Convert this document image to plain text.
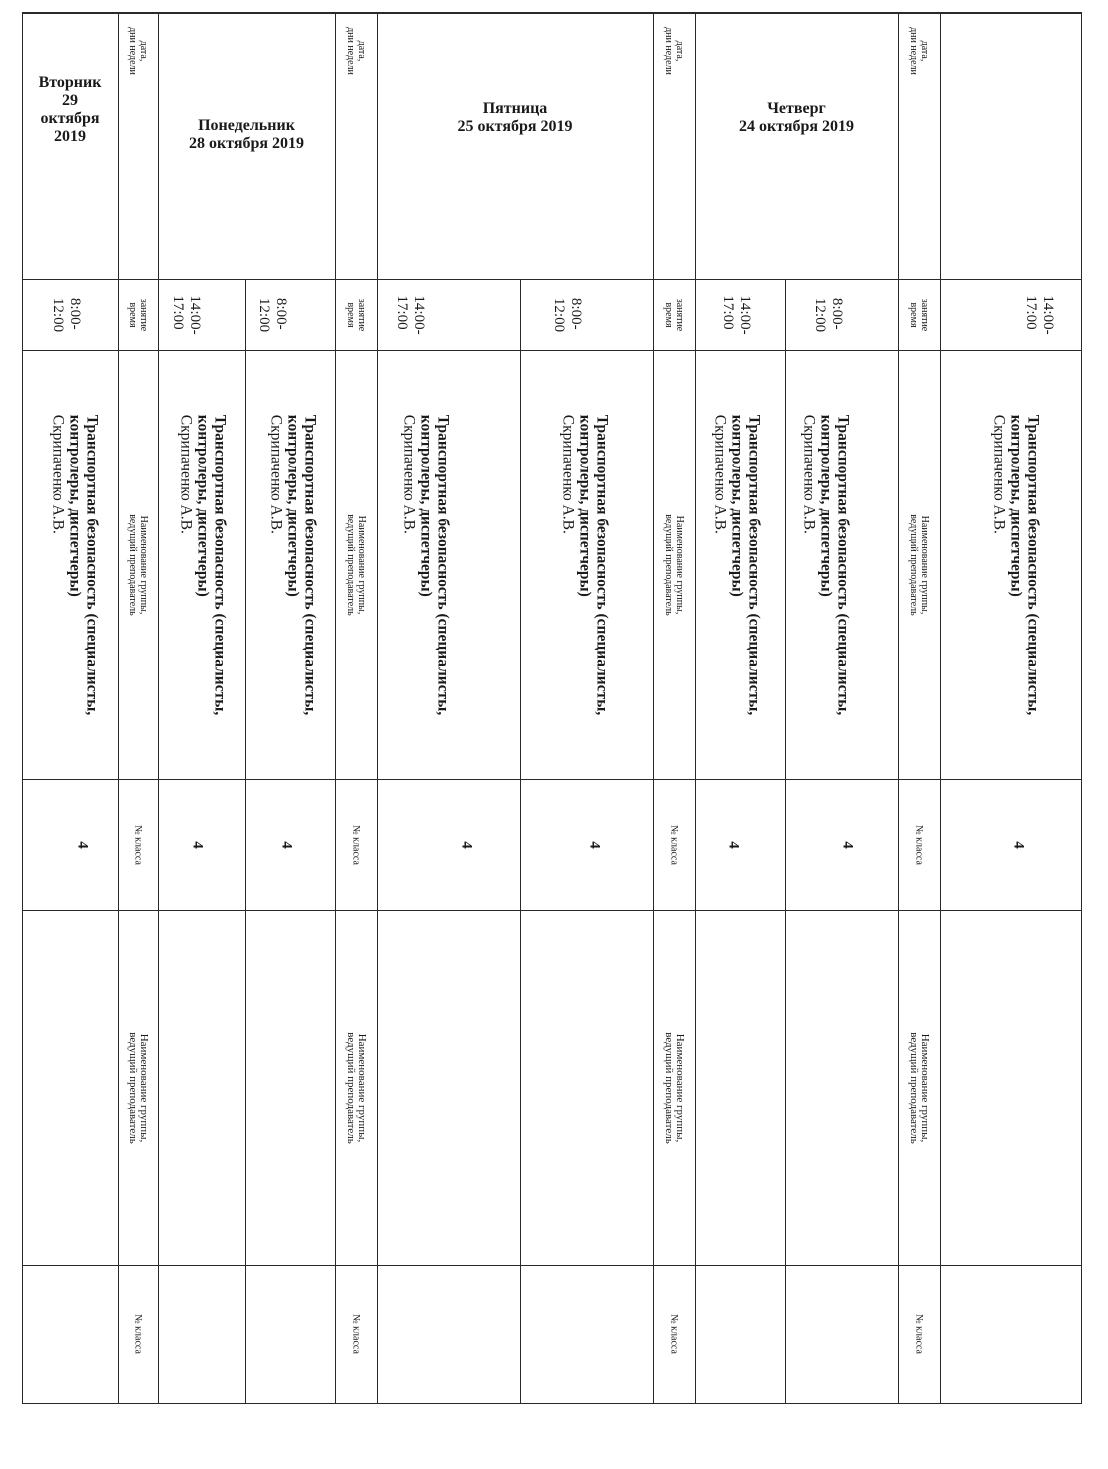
дата,
дни недели
занятие
время
Наименование группы,
ведущий преподаватель
№ класса
Наименование группы,
ведущий преподаватель
№ класса
дата,
дни недели
занятие
время
Наименование группы,
ведущий преподаватель
№ класса
Наименование группы,
ведущий преподаватель
№ класса
дата,
дни недели
занятие
время
Наименование группы,
ведущий преподаватель
№ класса
Наименование группы,
ведущий преподаватель
№ класса
дата,
дни недели
занятие
время
Наименование группы,
ведущий преподаватель
№ класса
Наименование группы,
ведущий преподаватель
№ класса
Четверг
24 октября 2019
Пятница
25 октября 2019
Понедельник
28 октября 2019
Вторник
29
октября
2019
14:00-
17:00
Транспортная безопасность (специалисты,
контролеры, диспетчеры)
Скрипаченко А.В.
4
8:00-
12:00
Транспортная безопасность (специалисты,
контролеры, диспетчеры)
Скрипаченко А.В.
4
14:00-
17:00
Транспортная безопасность (специалисты,
контролеры, диспетчеры)
Скрипаченко А.В.
4
8:00-
12:00
Транспортная безопасность (специалисты,
контролеры, диспетчеры)
Скрипаченко А.В.
4
14:00-
17:00
Транспортная безопасность (специалисты,
контролеры, диспетчеры)
Скрипаченко А.В.
4
8:00-
12:00
Транспортная безопасность (специалисты,
контролеры, диспетчеры)
Скрипаченко А.В.
4
14:00-
17:00
Транспортная безопасность (специалисты,
контролеры, диспетчеры)
Скрипаченко А.В.
4
8:00-
12:00
Транспортная безопасность (специалисты,
контролеры, диспетчеры)
Скрипаченко А.В.
4
